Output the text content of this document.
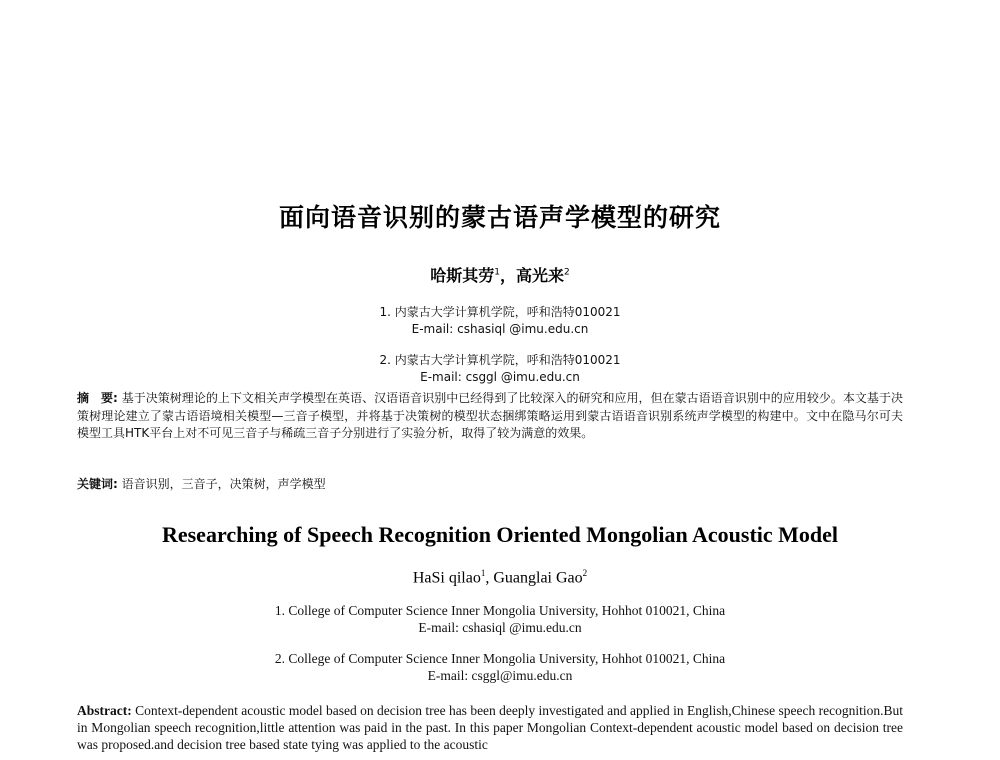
面向语音识别的蒙古语声学模型的研究
哈斯其劳$^1$，高光来$^2$
1. 内蒙古大学计算机学院，呼和浩特010021
E-mail: cshasiql @imu.edu.cn
2. 内蒙古大学计算机学院，呼和浩特010021
E-mail: csggl @imu.edu.cn
摘　要: 基于决策树理论的上下文相关声学模型在英语、汉语语音识别中已经得到了比较深入的研究和应用，但在蒙古语语音识别中的应用较少。本文基于决策树理论建立了蒙古语语境相关模型—三音子模型，并将基于决策树的模型状态捆绑策略运用到蒙古语语音识别系统声学模型的构建中。文中在隐马尔可夫模型工具HTK平台上对不可见三音子与稀疏三音子分别进行了实验分析，取得了较为满意的效果。
关键词: 语音识别，三音子，决策树，声学模型
Researching of Speech Recognition Oriented Mongolian Acoustic Model
HaSi qilao$^1$, Guanglai Gao$^2$
1. College of Computer Science Inner Mongolia University, Hohhot 010021, China
E-mail: cshasiql @imu.edu.cn
2. College of Computer Science Inner Mongolia University, Hohhot 010021, China
E-mail: csggl@imu.edu.cn
Abstract: Context-dependent acoustic model based on decision tree has been deeply investigated and applied in English,Chinese speech recognition.But in Mongolian speech recognition,little attention was paid in the past. In this paper Mongolian Context-dependent acoustic model based on decision tree was proposed.and decision tree based state tying was applied to the acoustic
